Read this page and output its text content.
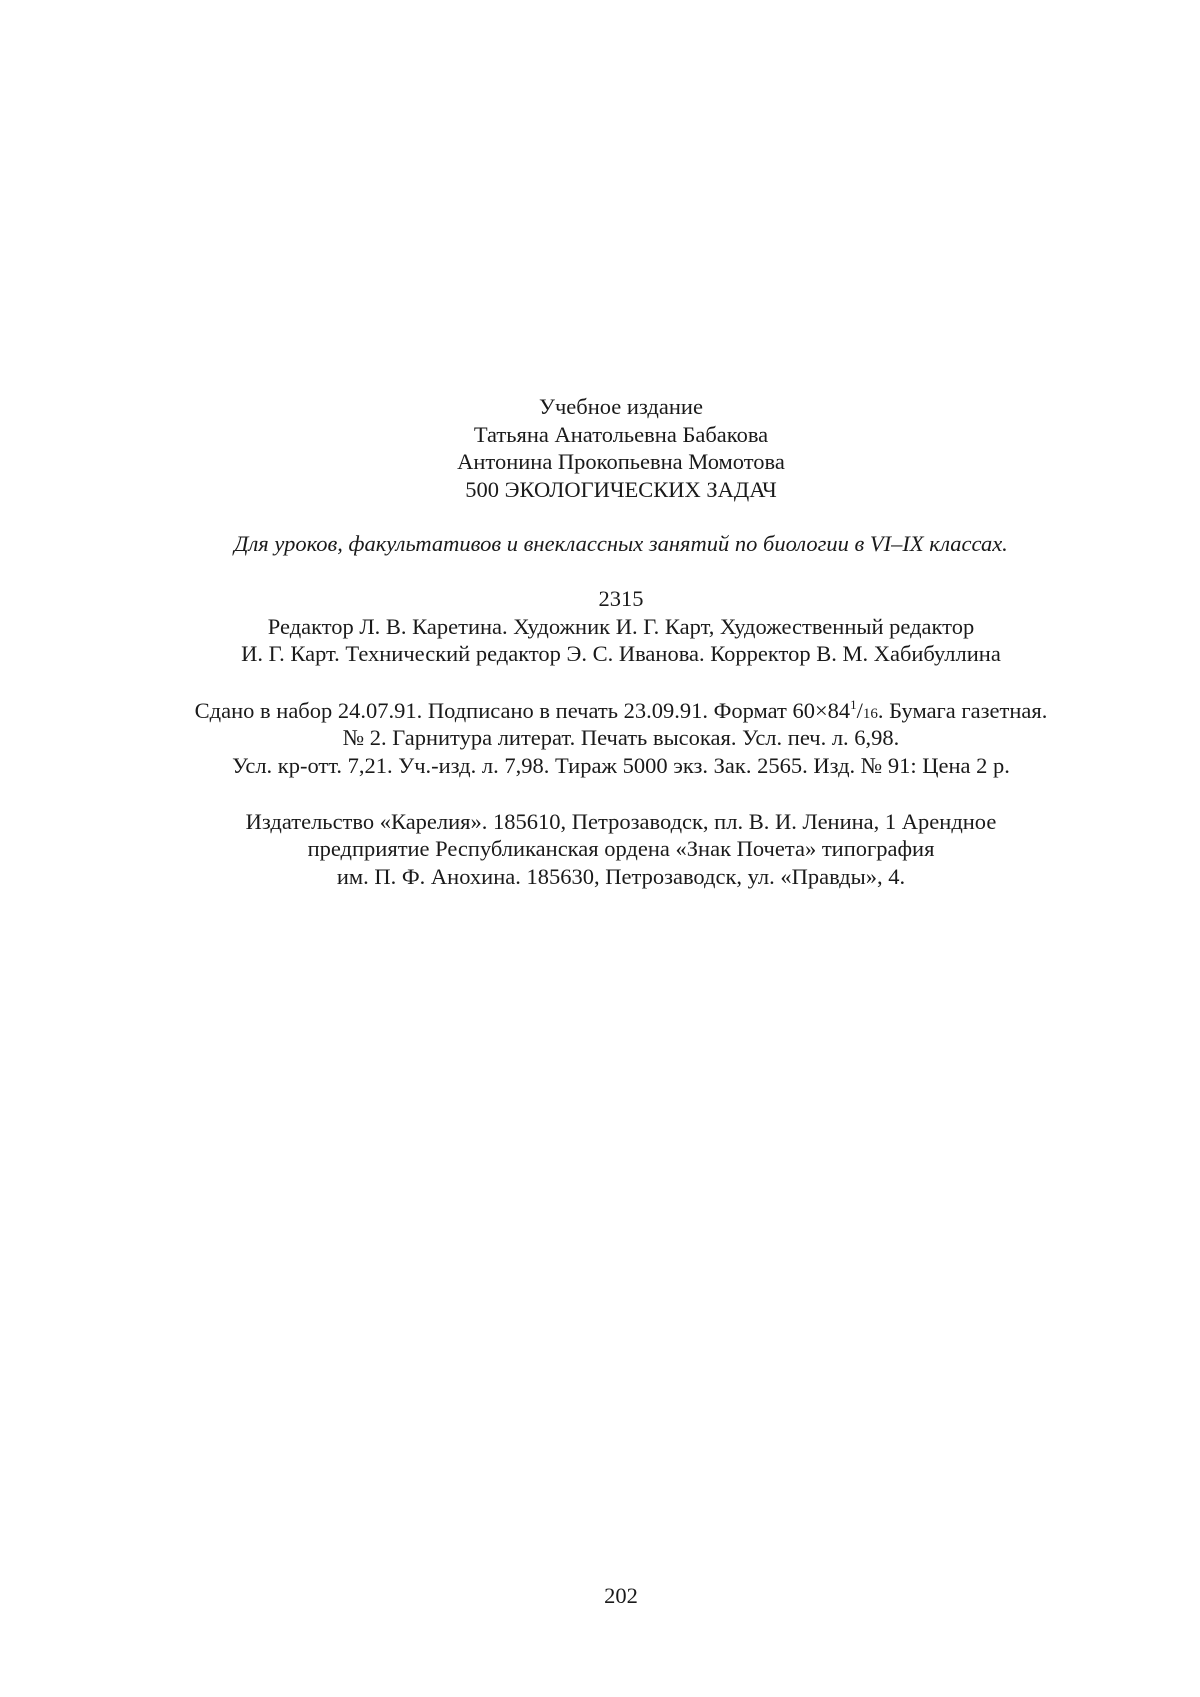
Учебное издание

Татьяна Анатольевна Бабакова

Антонина Прокопьевна Момотова

500 ЭКОЛОГИЧЕСКИХ ЗАДАЧ

Для уроков, факультативов и внеклассных занятий по биологии в VI–IX классах.

2315

Редактор Л. В. Каретина. Художник И. Г. Карт, Художественный редактор

И. Г. Карт. Технический редактор Э. С. Иванова. Корректор В. М. Хабибуллина

Сдано в набор 24.07.91. Подписано в печать 23.09.91. Формат $60\times 84^1/16$. Бумага газетная.

№ 2. Гарнитура литерат. Печать высокая. Усл. печ. л. 6,98.

Усл. кр-отт. 7,21. Уч.-изд. л. 7,98. Тираж 5000 экз. Зак. 2565. Изд. № 91: Цена 2 р.

Издательство «Карелия». 185610, Петрозаводск, пл. В. И. Ленина, 1 Арендное

предприятие Республиканская ордена «Знак Почета» типография

им. П. Ф. Анохина. 185630, Петрозаводск, ул. «Правды», 4.

202
